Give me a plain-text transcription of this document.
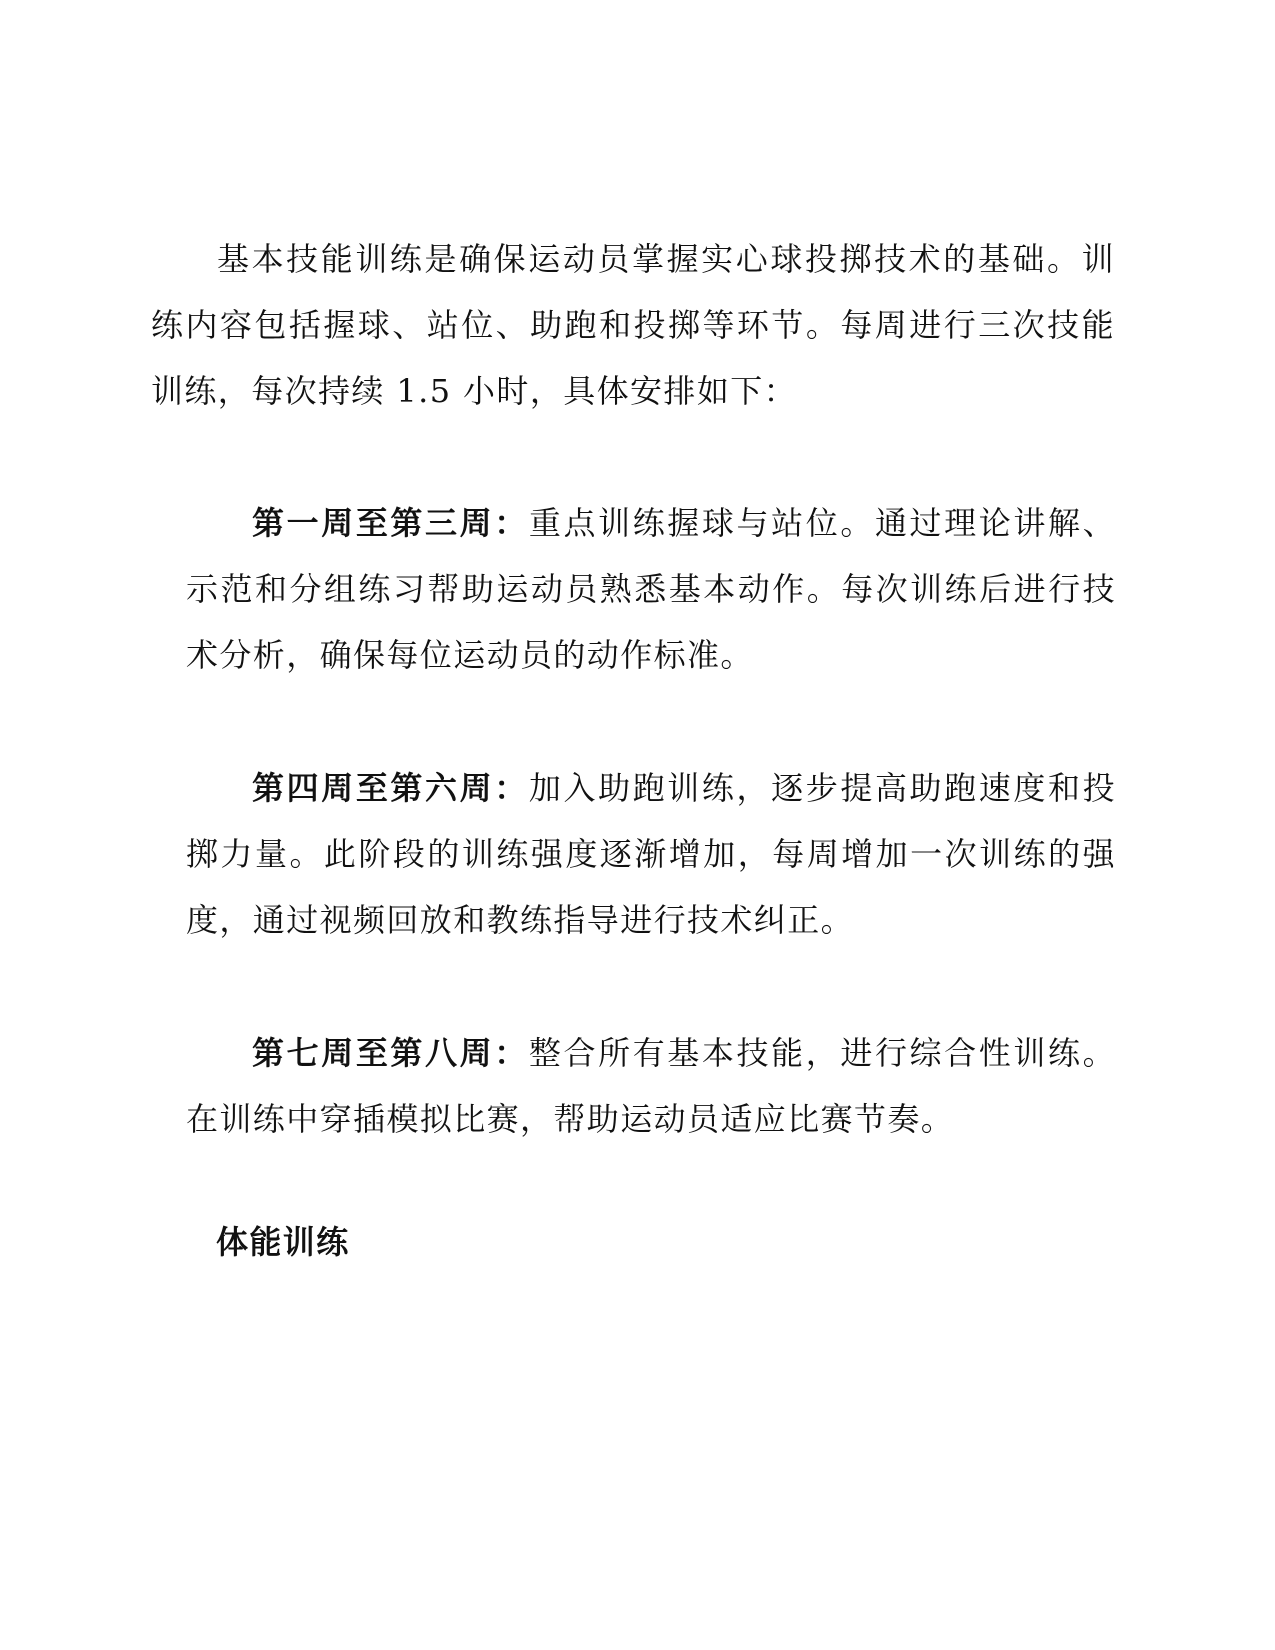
基本技能训练是确保运动员掌握实心球投掷技术的基础。训练内容包括握球、站位、助跑和投掷等环节。每周进行三次技能训练，每次持续 1.5 小时，具体安排如下：

第一周至第三周：重点训练握球与站位。通过理论讲解、示范和分组练习帮助运动员熟悉基本动作。每次训练后进行技术分析，确保每位运动员的动作标准。

第四周至第六周：加入助跑训练，逐步提高助跑速度和投掷力量。此阶段的训练强度逐渐增加，每周增加一次训练的强度，通过视频回放和教练指导进行技术纠正。

第七周至第八周：整合所有基本技能，进行综合性训练。在训练中穿插模拟比赛，帮助运动员适应比赛节奏。

体能训练
